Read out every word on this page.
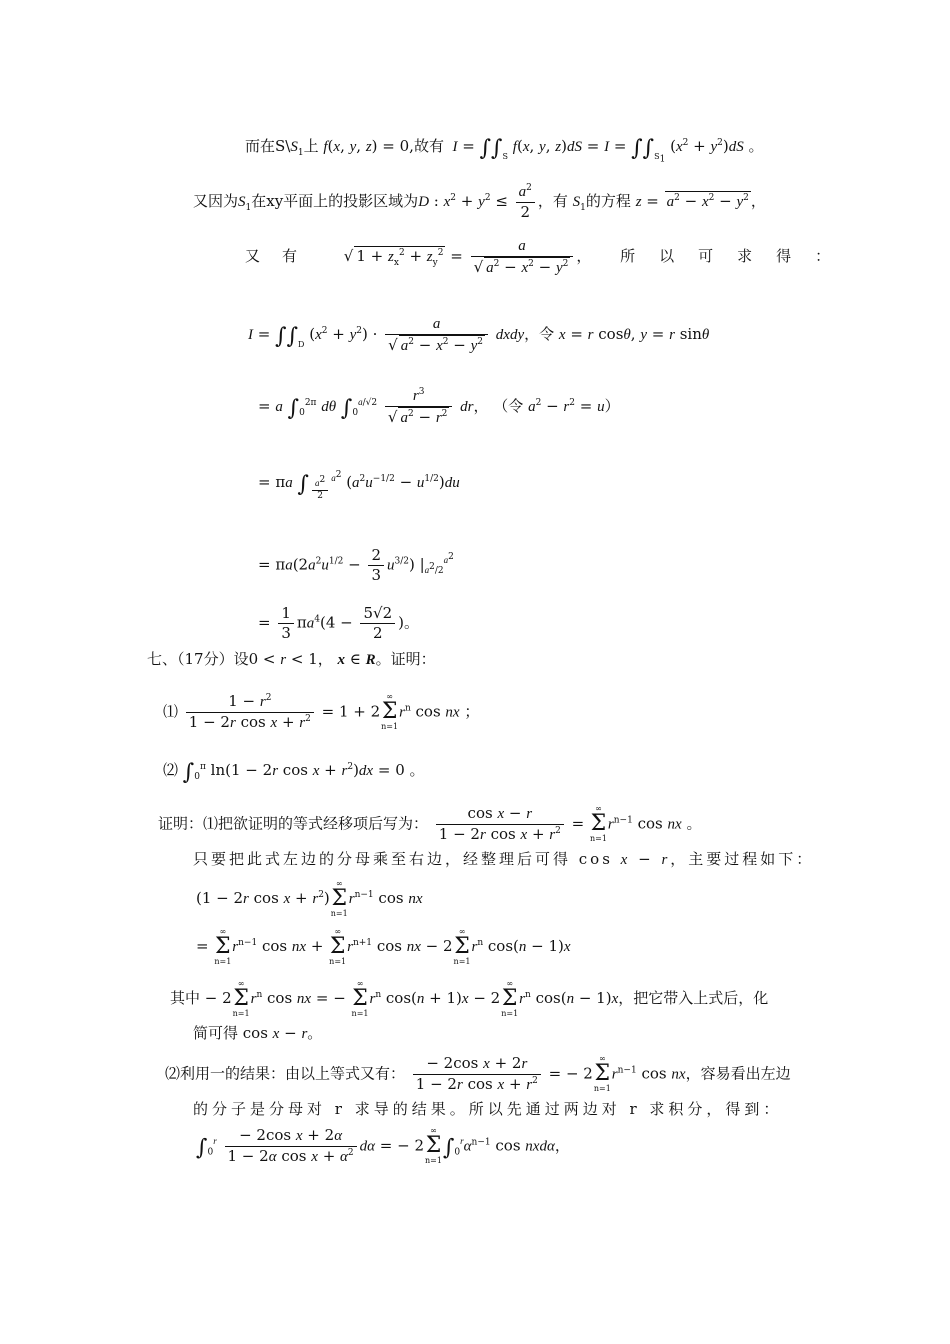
而在$S\backslash S_1$上 f(x, y, z) = 0,故有  $I = \int\int_S$ f(x, y, $z)dS = I = \int\int_{S_1}$ $(x^2 + y^2)dS$ 。
又因为$S_1$在xy平面上的投影区域为D : $x^2 + y^2 \le \frac{a^2}{2}$ ，有 $S_1$的方程 $z = a^2 - x^2 - y^2$ ，
又有 √ $1 + z_x^2 + z_y^2 = \frac{a}{√ a^2 - x^2 - y^2}$ ， 所以可求得：
$I = \int\int_D$ $(x^2 + y^2) \cdot \frac{a}{√ a^2 - x^2 - y^2}$ dxdy，令 x = r cosθ, y = r sinθ
= a $\int_0^{2\pi}$ dθ $\int_0^{a/√2} \frac{r^3}{√ a^2 - r^2}$ dr， （令 $a^2 - r^2 = u$）
= πa ∫ $_{\frac{a^2}{2}}$ $^{a^2}$ $(a^2u^{-1/2} - u^{1/2})du$
= $\pi a(2a^2u^{1/2} - \frac{2}{3} u^{3/2})$ $|_{a^2/2}^{a^2}$
= $\frac{1}{3} \pi a^4(4 - \frac{5√2}{2}$ )。
七、（17分）设0 < r < 1， x ∈ R。证明：
⑴ $\frac{1 - r^2}{1 - 2r \cos x + r^2} = 1 + 2$
∞
Σ
n=1
$r^n$ cos nx ；
⑵ $\int_0^\pi$ ln(1 − 2r $\cos x + r^2)dx = 0$ 。
证明：⑴把欲证明的等式经移项后写为： $\frac{\text{cos x − r}}{1 - 2r \cos x + r^2}$ =
∞
Σ
n=1
$r^{n-1}$ cos nx 。
只要把此式左边的分母乘至右边，经整理后可得 cos x − r，主要过程如下：
(1 − 2r $\cos x + r^2$)
∞
Σ
n=1
$r^{n-1}$ cos nx
=
∞
Σ
n=1
$r^{n-1}$ cos nx +
∞
Σ
n=1
$r^{n+1}$ cos nx − 2
∞
Σ
n=1
$r^n$ cos(n − 1)x
其中 − 2
∞
Σ
n=1
$r^n$ cos nx = −
∞
Σ
n=1
$r^n$ cos(n + 1)x − 2
∞
Σ
n=1
$r^n$ cos(n − 1)x，把它带入上式后，化
简可得 cos x − r。
⑵利用一的结果：由以上等式又有： $\frac{\text{− 2cos x + 2r}}{1 - 2r \cos x + r^2}$ = − 2
∞
Σ
n=1
$r^{n-1}$ cos nx，容易看出左边
的分子是分母对 r 求导的结果。所以先通过两边对 r 求积分，得到：
$\int_0^r \frac{\text{− 2cos x + 2α}}{1 - 2\alpha \cos x + \alpha^2}$ dα = − 2
∞
Σ
n=1
$\int_0^r\alpha^{n-1}$ cos nxdα，
